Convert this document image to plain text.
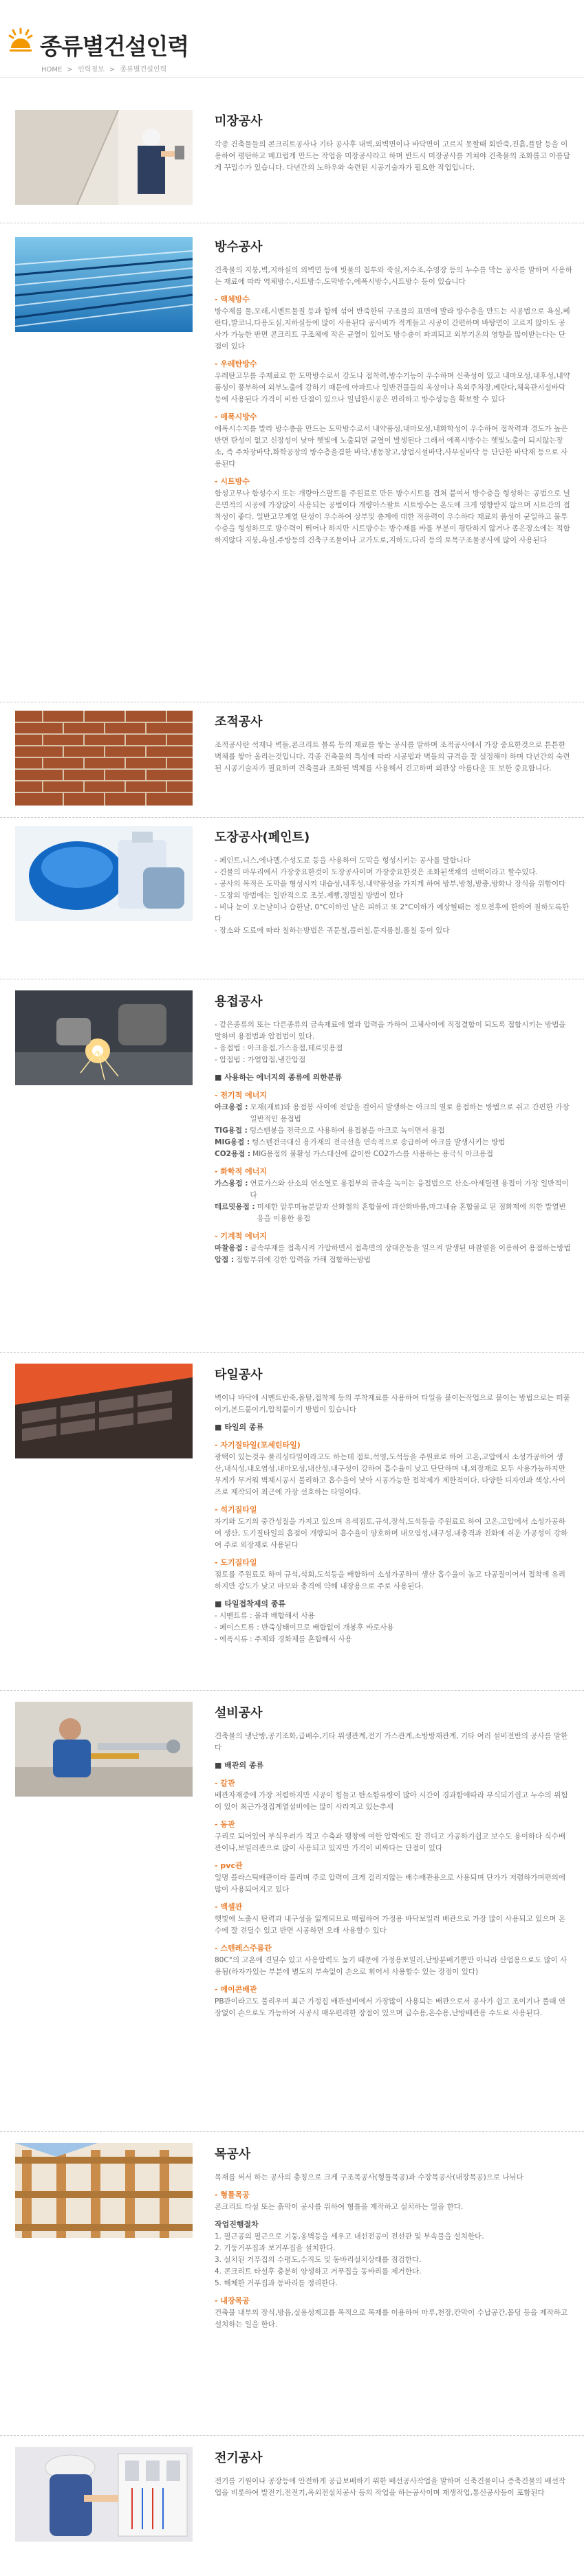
종류별건설인력
HOME > 인력정보 > 종류별건설인력
미장공사

각종 건축물들의 콘크리트공사나 기타 공사후 내벽,외벽면이나 바닥면이 고르지 못할때 회반죽,진흙,플탈 등을 이용하여 평탄하고 매끄럽게 만드는 작업을 미장공사라고 하며 반드시 미장공사를 거쳐야 건축물의 조화롭고 아름답게 꾸밀수가 있습니다. 다년간의 노하우와 숙련된 시공기술자가 필요한 작업입니다.

방수공사

건축물의 지붕,벽,지하실의 외벽면 등에 빗물의 침투와 죽실,저수조,수영장 등의 누수를 막는 공사를 말하며 사용하는 재료에 따라 역체방수,시트방수,도막방수,에폭시방수,시트방수 등이 있습니다

- 액체방수

방수제를 물,모래,시멘트물질 등과 함께 섞어 반죽한뒤 구조물의 표면에 발라 방수층을 만드는 시공법으로 욕실,베란다,발코니,다용도실,지하실등에 많이 사용된다 공사비가 적게들고 시공이 간편하며 바탕면이 고르지 않아도 공사가 가능한 반면 콘크리트 구조체에 작은 균열이 있어도 방수층이 파괴되고 외부기온의 영향을 많이받는다는 단점이 있다

- 우레탄방수

우레탄고무를 주재료로 한 도막방수로서 강도나 접착력,방수기능이 우수하며 신축성이 있고 내마모성,내후성,내약품성이 풍부하여 외부노출에 강하기 때문에 아파트나 일반건물들의 옥상이나 옥외주차장,베란다,체육관시설바닥 등에 사용된다 가격이 비싼 단점이 있으나 일념한시공은 편리하고 방수성능을 확보할 수 있다

- 에폭시방수

에폭시수지를 발라 방수층을 만드는 도막방수로서 내약품성,내마모성,내화학성이 우수하여 접착력과 경도가 높은반면 탄성이 없고 신장성이 낮아 햇빛에 노출되면 균열이 발생된다 그래서 에폭시방수는 햇빛노출이 되지않는장소, 즉 주차장바닥,화학공장의 방수층을겸한 바닥,냉동창고,상업시설바닥,사무실바닥 등 단단한 바닥재 등으로 사용된다

- 시트방수

합성고무나 합성수지 또는 개량아스팔트를 주원료로 만든 방수시트를 겹쳐 붙여서 방수층을 형성하는 공법으로 널은면적의 시공에 가장많이 사용되는 공법이다 개량아스팔트 시트방수는 온도에 크게 영향받지 않으며 시트간의 접착성이 좋다. 일반고무계열 탄성이 우수하여 상부및 층계에 대한 적응력이 우수하다 재료의 품성이 균일하고 불투수층을 형성하므로 방수력이 뛰어나 하지만 시트방수는 방수재를 바를 부분이 평탄하지 않거나 좁은장소에는 적합하지않다 지붕,욕실,주방등의 건축구조물이나 고가도로,지하도,다리 등의 토목구조물공사에 많이 사용된다

조적공사

조적공사란 석재나 벽돌,콘크리트 블록 등의 재료를 쌓는 공사를 말하며 조적공사에서 가장 중요한것으로 튼튼한 벽체를 쌓아 올리는것입니다. 각종 건축물의 특성에 따라 시공법과 벽돌의 규격을 잘 설정해야 하며 다년간의 숙련된 시공기술자가 필요하며 건축물과 조화된 벽체를 사용해서 견고하며 외관상 아름다운 또 보한 중요합니다.

도장공사(페인트)
- 페인트,니스,에나멜,수성도료 등을 사용하여 도막을 형성시키는 공사를 말합니다
- 건물의 마무리에서 가장중요한것이 도장공사이며 가장중요한것은 조화된색채의 선택이라고 할수있다.
- 공사의 목적은 도막을 형성시켜 내습성,내후성,내약품성을 가지게 하여 방부,방청,방충,방화나 장식을 위함이다
- 도장의 방법에는 일반적으로 조붓,제빵,정벌칠 방법이 있다
- 비나 눈이 오는날이나 습한날, 0°C이하인 날은 피하고 또 2°C이하가 예상될때는 정오전후에 한하여 칠하도록한다
- 장소와 도료에 따라 칠하는방법은 귀문칠,플러칠,문지름칠,롤칠 등이 있다
용접공사
- 같은종류의 또는 다른종류의 금속재료에 열과 압력을 가하여 고체사이에 직접결합이 되도록 접합시키는 방법을 말하며 용접법과 압접법이 있다.
- 융접법 : 아크융접,가스융접,테르밋용접
- 압접법 : 가열압접,냉간압접
■ 사용하는 에너지의 종류에 의한분류
- 전기적 에너지
아크용접 : 모재(재료)와 용접봉 사이에 전압을 걸어서 발생하는 아크의 열로 용접하는 방법으로 쉬고 간편한 가장 일반적인 용접법
TIG용접 : 텅스텐봉을 전극으로 사용하여 용접봉을 아크로 녹이면서 용접
MIG용접 : 텅스텐전극대신 용가재의 전극선을 연속적으로 송급하여 아크를 발생시키는 방법
CO2용접 : MIG용접의 불활성 가스대신에 값이싼 CO2가스를 사용하는 용극식 아크용접
- 화학적 에너지
가스용접 : 연료가스와 산소의 연소열로 용접부의 금속을 녹이는 융접법으로 산소-아세틸렌 용접이 가장 일반적이다
테르밋용접 : 미세한 알루미늄분말과 산화철의 혼합물에 과산화바륨,마그네슘 혼합물로 된 점화제에 의한 발열반응을 이용한 용접
- 기계적 에너지
마찰용접 : 금속부재를 접촉시켜 가압하면서 접촉면의 상대운동을 일으켜 발생된 마찰열을 이용하여 용접하는방법
압접 : 접합부위에 강한 압력을 가해 접합하는방법
타일공사

벽이나 바닥에 시멘트반죽,몰탈,접착제 등의 부착재료를 사용하여 타일을 붙이는작업으로 붙이는 방법으로는 떠붙이기,본드붙이기,압착붙이기 방법이 있습니다

■ 타일의 종류
- 자기질타일(포세린타일)

광택이 있는것우 풀리싱타일이라고도 하는데 점토,석영,도석등을 주원료로 하여 고온,고압에서 소성가공하여 생산,내식성,내오염성,내마모성,내산성,내구성이 강하여 흡수율이 낮고 단단하며 내,외장재로 모두 사용가능하지만 무게가 무거워 벽체시공시 불리하고 흡수율이 낮아 시공가능한 접착제가 제한적이다. 다양한 디자인과 색상,사이즈로 제작되어 최근에 가장 선호하는 타일이다.

- 석기질타일

자기와 도기의 중간성질을 가지고 있으며 유색점토,규석,장석,도석등을 주원료로 하여 고온,고압에서 소성가공하여 생산, 도기질타일의 흡점이 개량되어 흡수율이 양호하며 내오염성,내구성,내충격과 친화에 쉬운 가공성이 강하여 주로 외장재로 사용된다

- 도기질타일

점토를 주원료로 하여 규석,석회,도석등을 배합하여 소성가공하여 생산 흡수율이 높고 다공질이어서 접착에 유리하지만 강도가 낮고 마모와 충격에 약해 내장용으로 주로 사용된다.

■ 타일접착제의 종류
- 시멘트류 : 몰과 배합해서 사용
- 페이스트류 : 반죽상태이므로 배합없이 개봉후 바로사용
- 에폭시류 : 주제와 경화제를 혼합해서 사용
설비공사

건축물의 냉난방,공기조화,급배수,기타 위생관계,전기 가스관계,소방방재관계, 기타 여러 설비전반의 공사를 말한다

■ 배관의 종류
- 갈관

배관자재중에 가장 저렴하지만 시공이 힘들고 탄소함유량이 많아 시간이 경과함에따라 부식되기쉽고 누수의 위험이 있어 최근가정집계열설비에는 많이 사라지고 있는추세

- 동관

구리로 되어있어 부식우려가 적고 수축과 팽창에 여한 압력에도 잘 견디고 가공하기쉽고 보수도 용이하다 식수배관이나,보일러관으로 많이 사용되고 있지만 가격이 비싸다는 단점이 있다

- pvc관

일명 플라스틱배관이라 불리며 주로 압력이 크게 걸리지않는 배수배관용으로 사용되며 단가가 저렴하가며편의에 많이 사용되어지고 있다

- 엑셀관

햇빛에 노출시 탄력과 내구성을 잃게되므로 매립하여 가정용 바닥보일러 배관으로 가장 많이 사용되고 있으며 온수에 잘 견딜수 있고 반면 시공하면 오래 사용할수 있다

- 스텐레스주름관

80C°의 고온에 견딜수 있고 사용압력도 높기 때문에 가정용보일러,난방분배기뿐만 아니라 산업용으로도 많이 사용됨(하자가있는 부분에 별도의 부속없이 손으로 휘어서 사용할수 있는 장점이 있다)

- 에이콘배관

PB관이라고도 불리우며 최근 가정집 배관설비에서 가장많이 사용되는 배관으로서 공사가 쉽고 조이기나 풀때 연장없이 손으로도 가능하여 시공시 매우편리한 장점이 있으며 급수용,온수용,난방배관용 수도로 사용된다.

목공사

목재를 써서 하는 공사의 총칭으로 크게 구조목공사(형틀목공)과 수장목공사(내장목공)으로 나뉘다

- 형틀목공

콘크리트 타설 또는 흙막이 공사를 위하여 형틀을 제작하고 설치하는 일을 한다.

작업진행절차
1. 필근공의 필근으로 기둥,옹벽등을 세우고 내선전공이 전선관 및 부속물을 설치한다.
2. 기둥거푸집과 보거푸집을 설치한다.
3. 설치된 거푸집의 수평도,수직도 및 동바리설치상태를 점검한다.
4. 콘크리트 타설후 충분히 양생하고 거푸집을 동바리를 제거한다.
5. 해체한 거푸집과 동바리를 정리한다.
- 내장목공

건축물 내부의 장식,방음,실용성제고를 목적으로 목재를 이용하여 마루,천장,칸막이 수납공간,몰딩 등을 제작하고 설치하는 일을 한다.

전기공사

전기를 기원이나 공장등에 안전하게 공급보배하기 위한 배선공사작업을 말하며 신축건물이나 증축건물의 배선작업을 비롯하여 발전기,전전기,옥외전설치공사 등의 작업을 하는공사이며 재생작업,통신공사등이 포함된다
